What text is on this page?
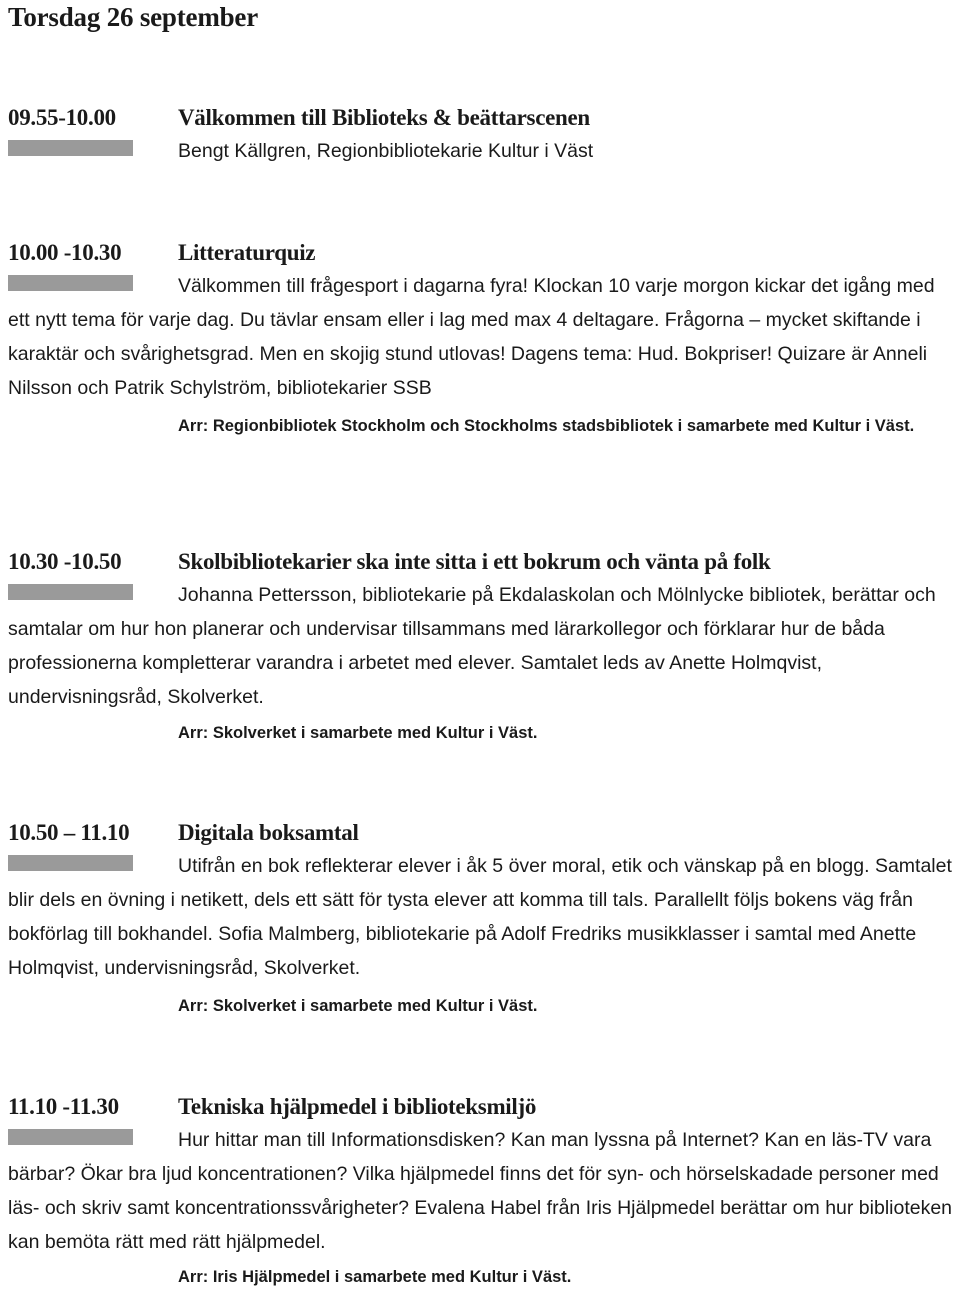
Torsdag 26 september
09.55-10.00	Välkommen till Biblioteks & beättarscenen

Bengt Källgren, Regionbibliotekarie Kultur i Väst

10.00 -10.30 Litteraturquiz

Välkommen till frågesport i dagarna fyra! Klockan 10 varje morgon kickar det igång med ett nytt tema för varje dag. Du tävlar ensam eller i lag med max 4 deltagare. Frågorna – mycket skiftande i karaktär och svårighetsgrad. Men en skojig stund utlovas! Dagens tema: Hud. Bokpriser! Quizare är Anneli Nilsson och Patrik Schylström, bibliotekarier SSB

Arr: Regionbibliotek Stockholm och Stockholms stadsbibliotek i samarbete med Kultur i Väst.

10.30 -10.50 Skolbibliotekarier ska inte sitta i ett bokrum och vänta på folk

Johanna Pettersson, bibliotekarie på Ekdalaskolan och Mölnlycke bibliotek, berättar och samtalar om hur hon planerar och undervisar tillsammans med lärarkollegor och förklarar hur de båda professionerna kompletterar varandra i arbetet med elever. Samtalet leds av Anette Holmqvist, undervisningsråd, Skolverket.

Arr: Skolverket i samarbete med Kultur i Väst.

10.50 – 11.10 Digitala boksamtal

Utifrån en bok reflekterar elever i åk 5 över moral, etik och vänskap på en blogg. Samtalet blir dels en övning i netikett, dels ett sätt för tysta elever att komma till tals. Parallellt följs bokens väg från bokförlag till bokhandel. Sofia Malmberg, bibliotekarie på Adolf Fredriks musikklasser i samtal med Anette Holmqvist, undervisningsråd, Skolverket.

Arr: Skolverket i samarbete med Kultur i Väst.

11.10 -11.30	Tekniska hjälpmedel i biblioteksmiljö

Hur hittar man till Informationsdisken? Kan man lyssna på Internet? Kan en läs-TV vara bärbar? Ökar bra ljud koncentrationen? Vilka hjälpmedel finns det för syn- och hörselskadade personer med läs- och skriv samt koncentrationssvårigheter? Evalena Habel från Iris Hjälpmedel berättar om hur biblioteken kan bemöta rätt med rätt hjälpmedel.

Arr: Iris Hjälpmedel i samarbete med Kultur i Väst.
